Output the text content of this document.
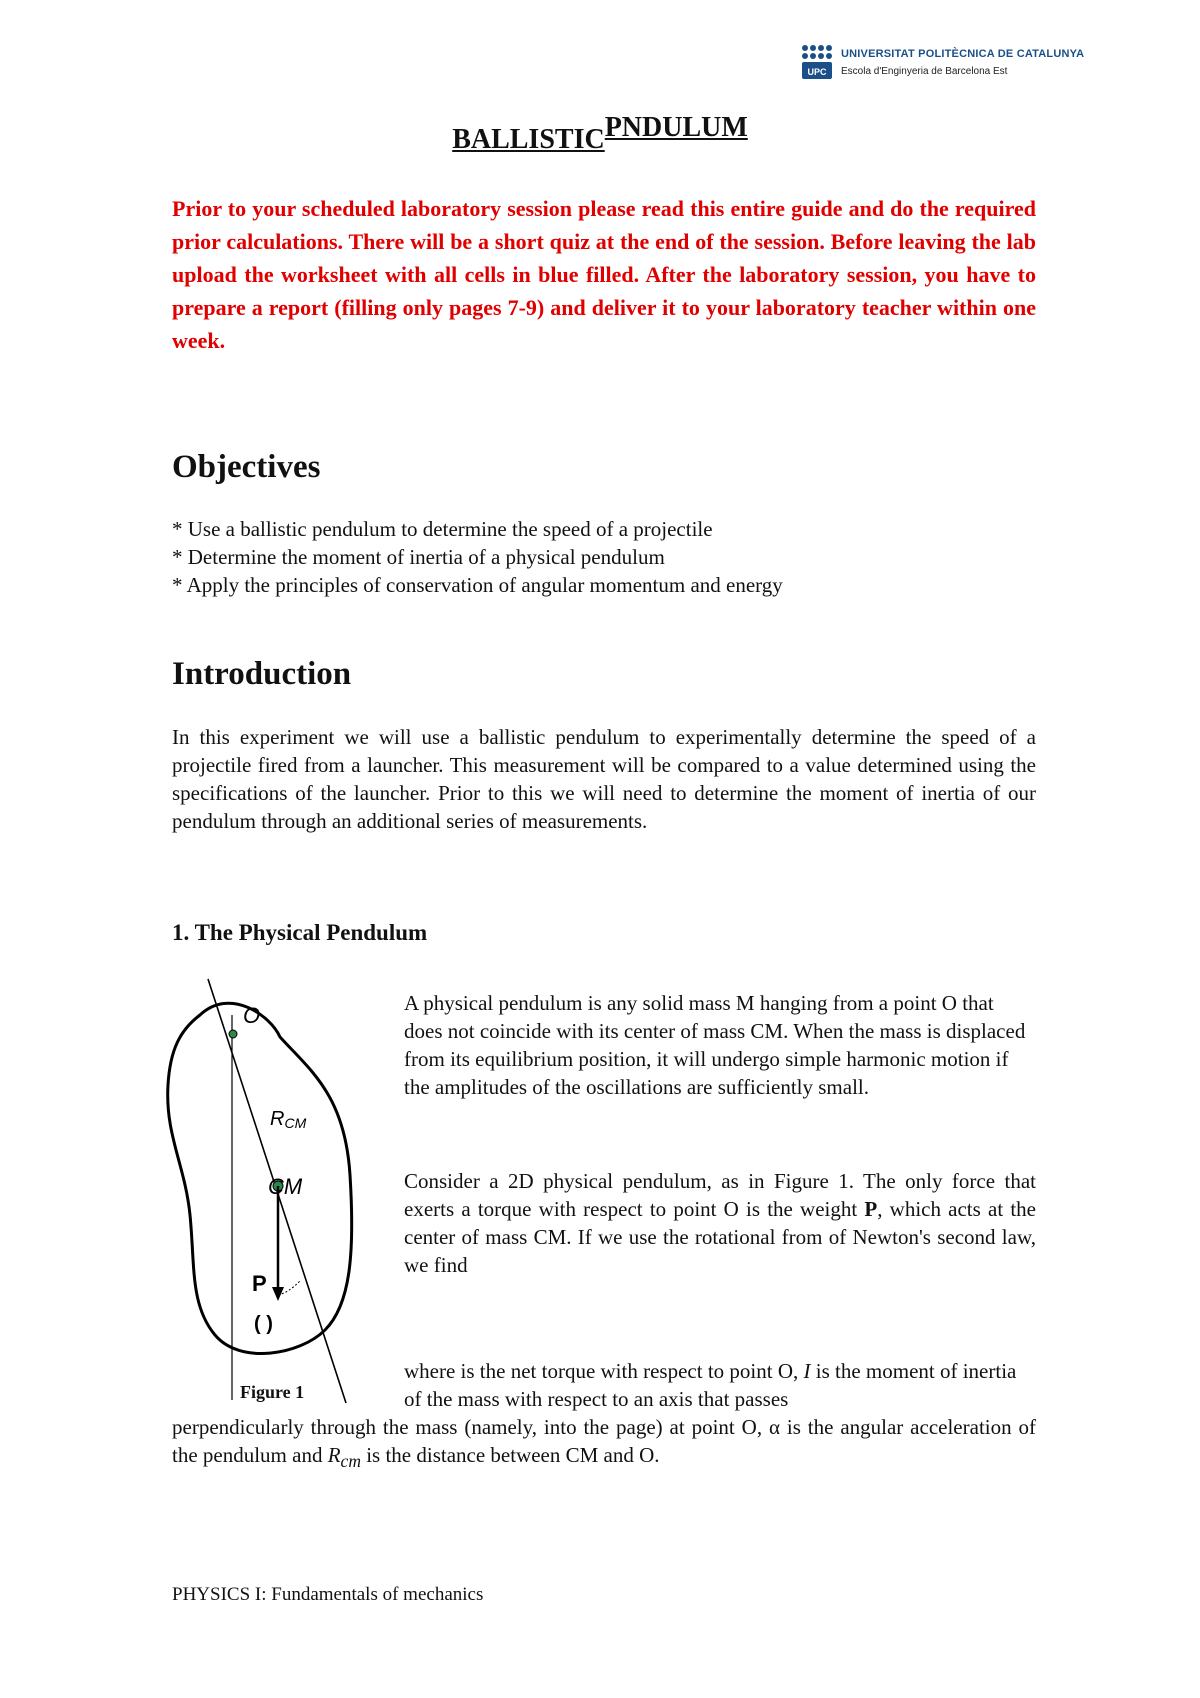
UPC
UNIVERSITAT POLITÈCNICA DE CATALUNYA
Escola d'Enginyeria de Barcelona Est
BALLISTICPNDULUM

Prior to your scheduled laboratory session please read this entire guide and do the required prior calculations. There will be a short quiz at the end of the session. Before leaving the lab upload the worksheet with all cells in blue filled. After the laboratory session, you have to prepare a report (filling only pages 7-9) and deliver it to your laboratory teacher within one week.

Objectives
* Use a ballistic pendulum to determine the speed of a projectile
* Determine the moment of inertia of a physical pendulum
* Apply the principles of conservation of angular momentum and energy
Introduction

In this experiment we will use a ballistic pendulum to experimentally determine the speed of a projectile fired from a launcher. This measurement will be compared to a value determined using the specifications of the launcher. Prior to this we will need to determine the moment of inertia of our pendulum through an additional series of measurements.

1. The Physical Pendulum
O
RCM
CM
P
( )
Figure 1

A physical pendulum is any solid mass M hanging from a point O that does not coincide with its center of mass CM. When the mass is displaced from its equilibrium position, it will undergo simple harmonic motion if the amplitudes of the oscillations are sufficiently small.

Consider a 2D physical pendulum, as in Figure 1. The only force that exerts a torque with respect to point O is the weight P, which acts at the center of mass CM. If we use the rotational from of Newton's second law, we find

where is the net torque with respect to point O, I is the moment of inertia of the mass with respect to an axis that passes

perpendicularly through the mass (namely, into the page) at point O, α is the angular acceleration of the pendulum and $R_{cm}$ is the distance between CM and O.

PHYSICS I: Fundamentals of mechanics
